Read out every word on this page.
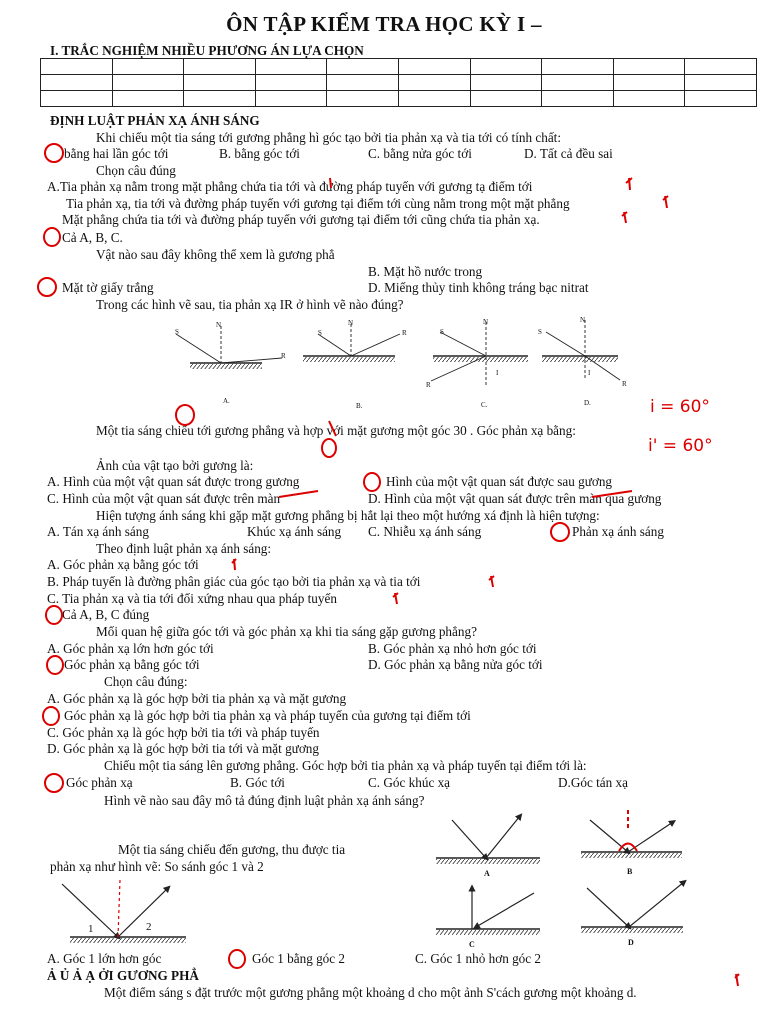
ÔN TẬP KIỂM TRA HỌC KỲ I –
I. TRẮC NGHIỆM NHIỀU PHƯƠNG ÁN LỰA CHỌN

ĐỊNH LUẬT PHẢN XẠ ÁNH SÁNG
Khi chiếu một tia sáng tới gương phẳng hì góc tạo bởi tia phản xạ và tia tới có tính chất:
bằng hai lần góc tới	B. bằng góc tới	C. bằng nửa góc tới	D. Tất cả đều sai
Chọn câu đúng
A.Tia phản xạ nằm trong mặt phẳng chứa tia tới và đường pháp tuyến với gương tạ điểm tới
Tia phản xạ, tia tới và đường pháp tuyến với gương tại điểm tới cùng nằm trong một mặt phẳng
Mặt phẳng chứa tia tới và đường pháp tuyến với gương tại điểm tới cũng chứa tia phản xạ.
Cả A, B, C.
Vật nào sau đây không thể xem là gương phẳ
B. Mặt hồ nước trong
Mặt tờ giấy trắng	D. Miếng thủy tinh không tráng bạc nitrat
Trong các hình vẽ sau, tia phản xạ IR ở hình vẽ nào đúng?
Một tia sáng chiếu tới gương phẳng và hợp với mặt gương một góc 30 . Góc phản xạ bằng:
i = 60°
i' = 60°
Ảnh của vật tạo bởi gương là:
A. Hình của một vật quan sát được trong gương	Hình của một vật quan sát được sau gương
C. Hình của một vật quan sát được trên màn	D. Hình của một vật quan sát được trên màn qua gương
Hiện tượng ánh sáng khi gặp mặt gương phẳng bị hắt lại theo một hướng xá định là hiện tượng:
A. Tán xạ ánh sáng	Khúc xạ ánh sáng C. Nhiễu xạ ánh sáng	Phản xạ ánh sáng
Theo định luật phản xạ ánh sáng:
A. Góc phản xạ bằng góc tới
B. Pháp tuyến là đường phân giác của góc tạo bởi tia phản xạ và tia tới
C. Tia phản xạ và tia tới đối xứng nhau qua pháp tuyến
Cả A, B, C đúng
Mối quan hệ giữa góc tới và góc phản xạ khi tia sáng gặp gương phẳng?
A. Góc phản xạ lớn hơn góc tới	B. Góc phản xạ nhỏ hơn góc tới
Góc phản xạ bằng góc tới	D. Góc phản xạ bằng nửa góc tới
Chọn câu đúng:
A. Góc phản xạ là góc hợp bởi tia phản xạ và mặt gương
Góc phản xạ là góc hợp bởi tia phản xạ và pháp tuyến của gương tại điểm tới
C. Góc phản xạ là góc hợp bởi tia tới và pháp tuyến
D. Góc phản xạ là góc hợp bởi tia tới và mặt gương
Chiếu một tia sáng lên gương phẳng. Góc hợp bởi tia phản xạ và pháp tuyến tại điểm tới là:
Góc phản xạ	B. Góc tới	C. Góc khúc xạ	D.Góc tán xạ
Hình vẽ nào sau đây mô tả đúng định luật phản xạ ánh sáng?
Một tia sáng chiếu đến gương, thu được tia
phản xạ như hình vẽ: So sánh góc 1 và 2
A. Góc 1 lớn hơn góc	Góc 1 bằng góc 2	C. Góc 1 nhỏ hơn góc 2
Ả Ủ Ả Ạ ỞI GƯƠNG PHẲ
Một điểm sáng s đặt trước một gương phẳng một khoảng d cho một ảnh S'cách gương một khoảng d.
S
N
R
A.
S
N
R
B.
S
N
R
I
C.
S
N
R
I
D.
A	B
C	D
1	2
